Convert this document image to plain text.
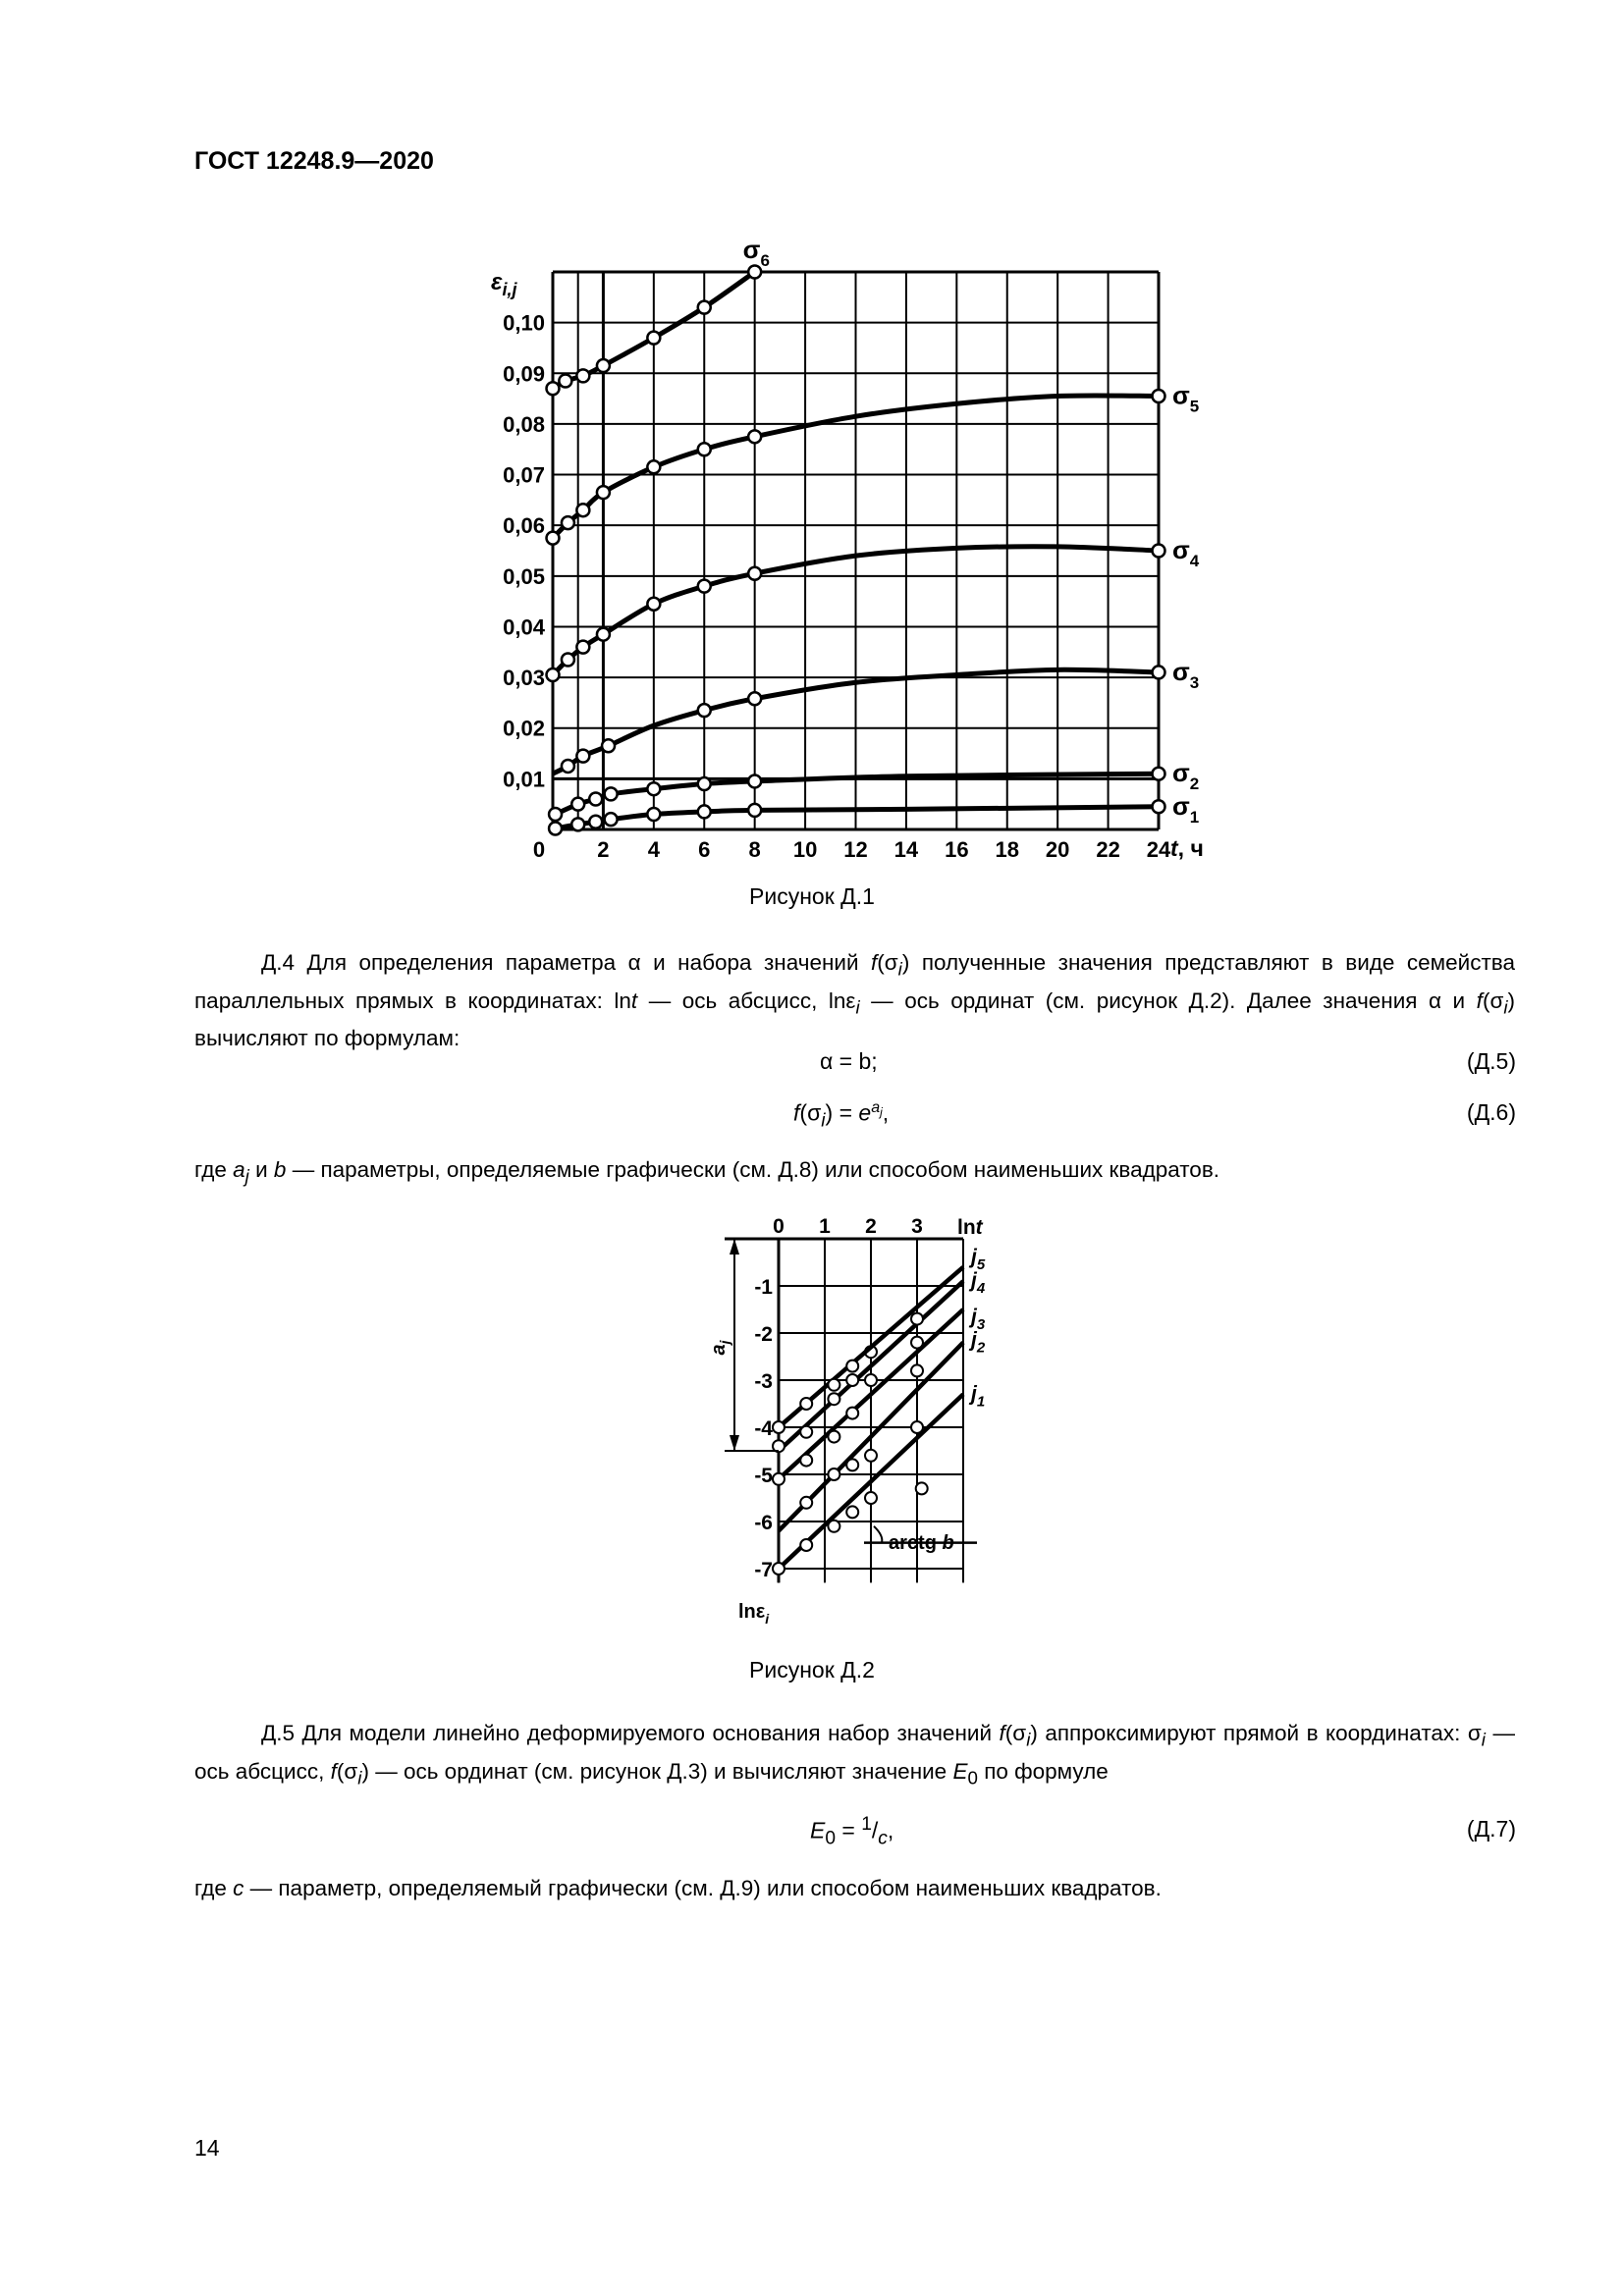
ГОСТ 12248.9—2020
0 2 4 6 8 10 12 14 16 18 20 22 24
0,01
0,02
0,03
0,04
0,05
0,06
0,07
0,08
0,09
0,10
$\sigma_1$
$\sigma_2$
$\sigma_3$
$\sigma_4$
$\sigma_5$
$\sigma_6$
$\varepsilon_{i,j}$
t, ч
Рисунок Д.1
Д.4 Для определения параметра α и набора значений $f(\sigma_i)$ полученные значения представляют в виде семейства параллельных прямых в координатах: lnt — ось абсцисс, lnε$_i$ — ось ординат (см. рисунок Д.2). Далее значения α и $f(\sigma_i)$ вычисляют по формулам:
α = b;	(Д.5)
$f(\sigma_i) = e^{a_j}$,	(Д.6)
где $a_j$ и b — параметры, определяемые графически (см. Д.8) или способом наименьших квадратов.
$j_1$
$j_2$
$j_3$
$j_4$
$j_5$
0 1 2 3
-1
-2
-3
-4
-5
-6
-7
lnt
lnε$_i$
$a_j$
arctg b
Рисунок Д.2
Д.5 Для модели линейно деформируемого основания набор значений $f(\sigma_i)$ аппроксимируют прямой в координатах: $\sigma_i$ — ось абсцисс, $f(\sigma_i)$ — ось ординат (см. рисунок Д.3) и вычисляют значение $E_0$ по формуле
$E_0 = ^1/_c$,	(Д.7)
где c — параметр, определяемый графически (см. Д.9) или способом наименьших квадратов.
14
